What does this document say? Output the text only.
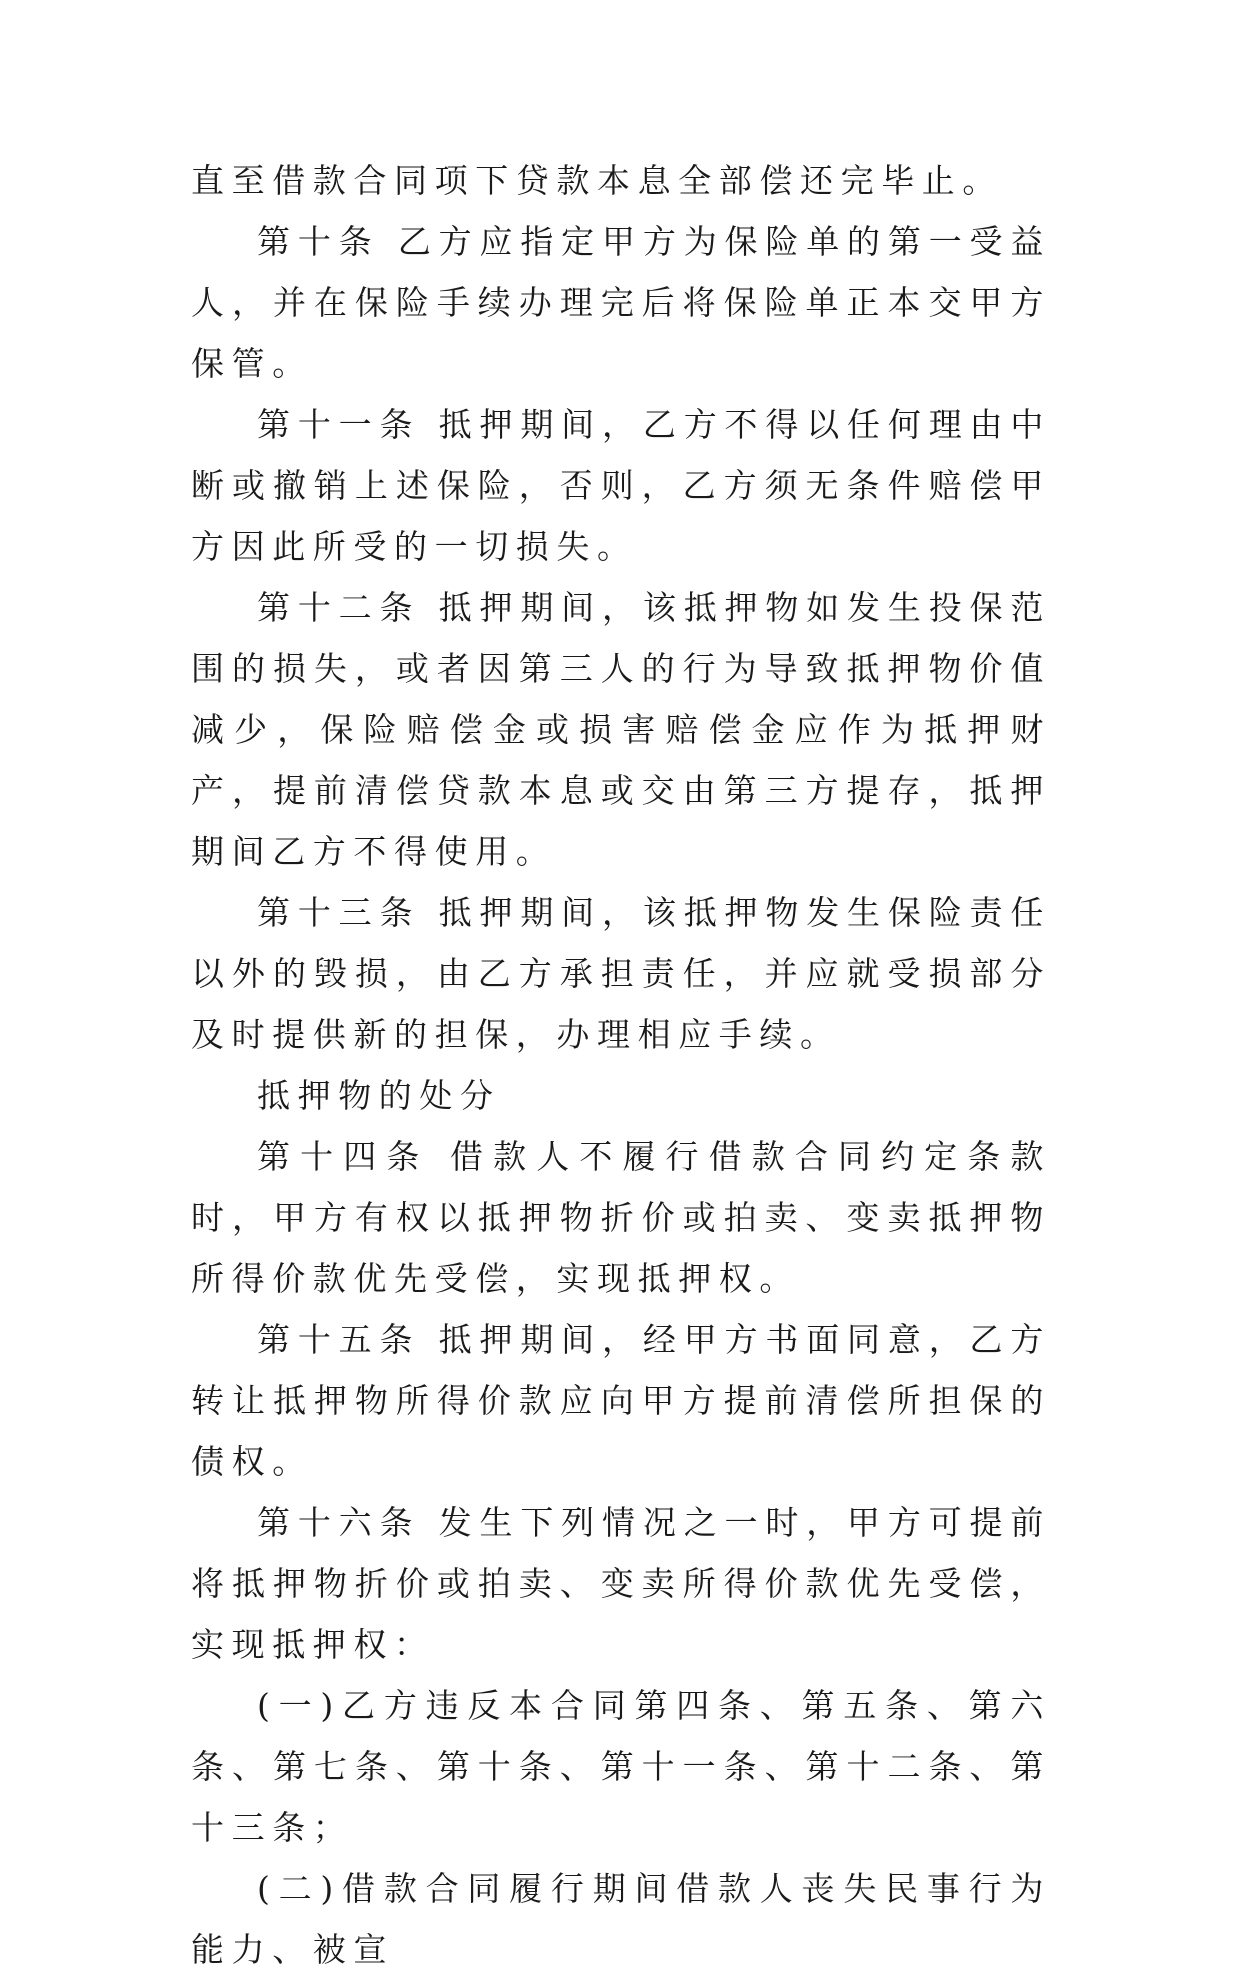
直至借款合同项下贷款本息全部偿还完毕止。

第十条 乙方应指定甲方为保险单的第一受益人，并在保险手续办理完后将保险单正本交甲方保管。

第十一条 抵押期间，乙方不得以任何理由中断或撤销上述保险，否则，乙方须无条件赔偿甲方因此所受的一切损失。

第十二条 抵押期间，该抵押物如发生投保范围的损失，或者因第三人的行为导致抵押物价值减少，保险赔偿金或损害赔偿金应作为抵押财产，提前清偿贷款本息或交由第三方提存，抵押期间乙方不得使用。

第十三条 抵押期间，该抵押物发生保险责任以外的毁损，由乙方承担责任，并应就受损部分及时提供新的担保，办理相应手续。

抵押物的处分

第十四条 借款人不履行借款合同约定条款时，甲方有权以抵押物折价或拍卖、变卖抵押物所得价款优先受偿，实现抵押权。

第十五条 抵押期间，经甲方书面同意，乙方转让抵押物所得价款应向甲方提前清偿所担保的债权。

第十六条 发生下列情况之一时，甲方可提前将抵押物折价或拍卖、变卖所得价款优先受偿，实现抵押权：

(一)乙方违反本合同第四条、第五条、第六条、第七条、第十条、第十一条、第十二条、第十三条；

(二)借款合同履行期间借款人丧失民事行为能力、被宣
